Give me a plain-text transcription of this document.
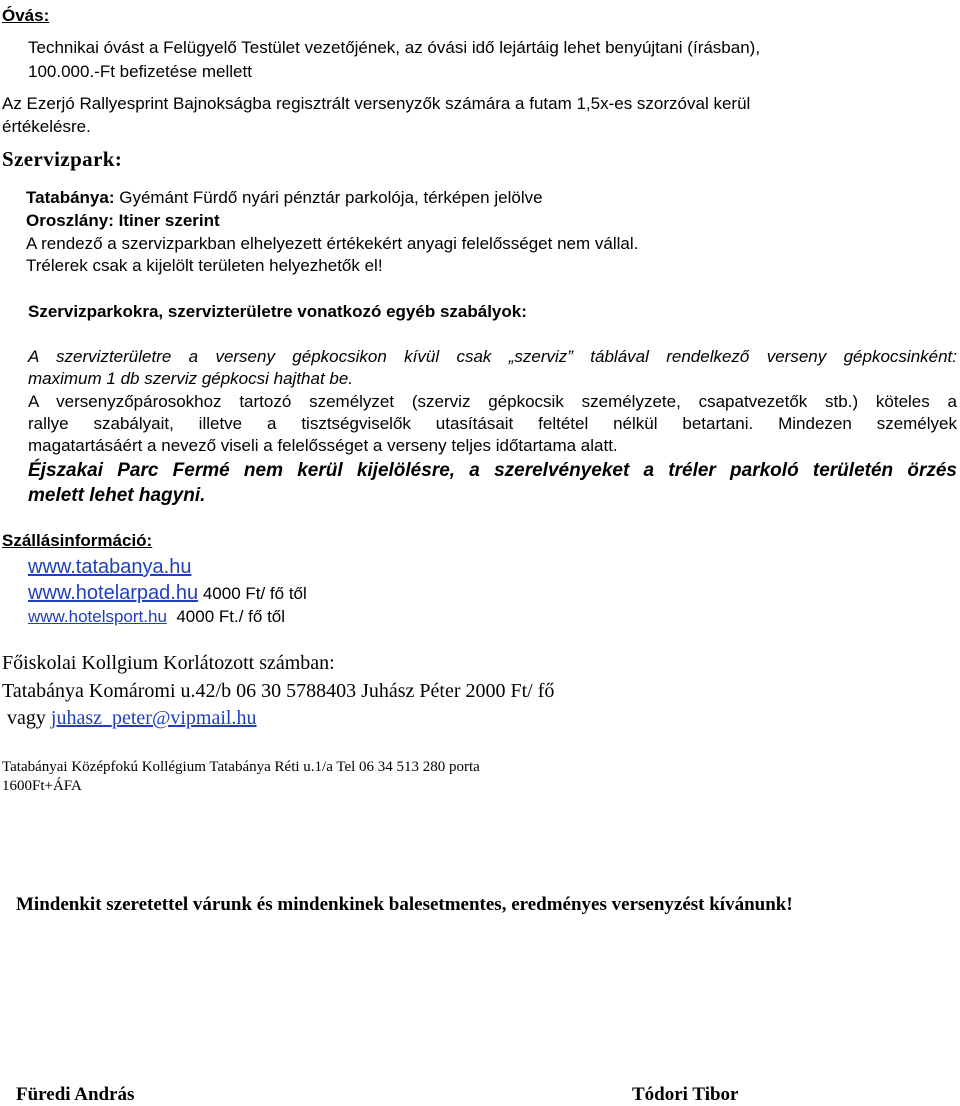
Óvás:
Technikai óvást a Felügyelő Testület vezetőjének, az óvási idő lejártáig lehet benyújtani (írásban),
100.000.-Ft befizetése mellett
Az Ezerjó Rallyesprint Bajnokságba regisztrált versenyzők számára a futam 1,5x-es szorzóval kerül
értékelésre.
Szervizpark:
Tatabánya: Gyémánt Fürdő nyári pénztár parkolója, térképen jelölve
Oroszlány: Itiner szerint
A rendező a szervizparkban elhelyezett értékekért anyagi felelősséget nem vállal.
Trélerek csak a kijelölt területen helyezhetők el!
Szervizparkokra, szervizterületre vonatkozó egyéb szabályok:
A szervizterületre a verseny gépkocsikon kívül csak „szerviz” táblával rendelkező verseny gépkocsinként:
maximum 1 db szerviz gépkocsi hajthat be.
A versenyzőpárosokhoz tartozó személyzet (szerviz gépkocsik személyzete, csapatvezetők stb.) köteles a
rallye szabályait, illetve a tisztségviselők utasításait feltétel nélkül betartani. Mindezen személyek
magatartásáért a nevező viseli a felelősséget a verseny teljes időtartama alatt.
Éjszakai Parc Fermé nem kerül kijelölésre, a szerelvényeket a tréler parkoló területén örzés
melett lehet hagyni.
Szállásinformáció:
www.tatabanya.hu
www.hotelarpad.hu 4000 Ft/ fő től
www.hotelsport.hu  4000 Ft./ fő től
Főiskolai Kollgium Korlátozott számban:
Tatabánya Komáromi u.42/b 06 30 5788403 Juhász Péter 2000 Ft/ fő
vagy juhasz_peter@vipmail.hu
Tatabányai Középfokú Kollégium Tatabánya Réti u.1/a Tel 06 34 513 280 porta
1600Ft+ÁFA
Mindenkit szeretettel várunk és mindenkinek balesetmentes, eredményes versenyzést kívánunk!
Füredi András	Tódori Tibor
